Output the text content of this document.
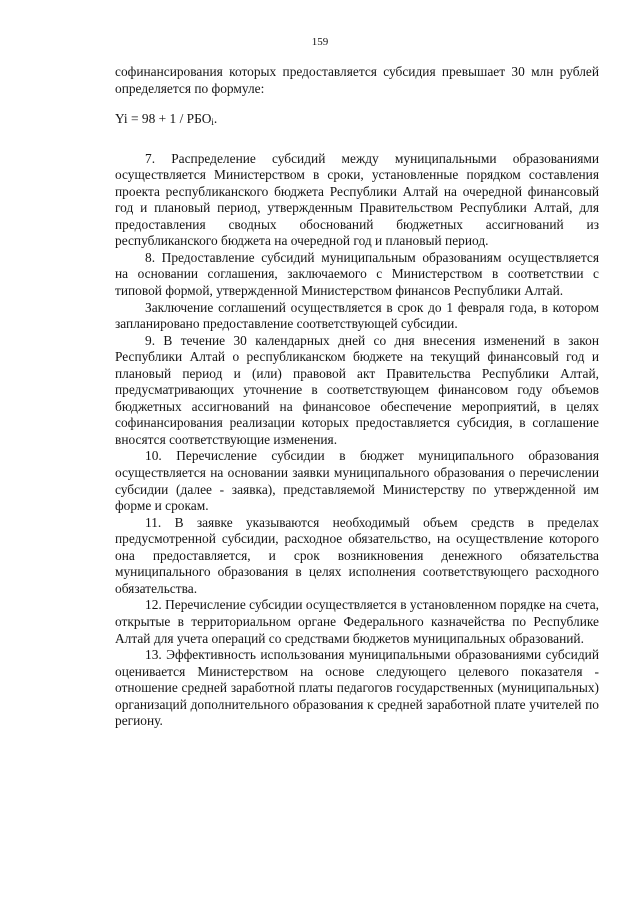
159

софинансирования которых предоставляется субсидия превышает 30 млн рублей определяется по формуле:

$Yi = 98 + 1 / РБО_i$.

7. Распределение субсидий между муниципальными образованиями осуществляется Министерством в сроки, установленные порядком составления проекта республиканского бюджета Республики Алтай на очередной финансовый год и плановый период, утвержденным Правительством Республики Алтай, для предоставления сводных обоснований бюджетных ассигнований из республиканского бюджета на очередной год и плановый период.

8. Предоставление субсидий муниципальным образованиям осуществляется на основании соглашения, заключаемого с Министерством в соответствии с типовой формой, утвержденной Министерством финансов Республики Алтай.

Заключение соглашений осуществляется в срок до 1 февраля года, в котором запланировано предоставление соответствующей субсидии.

9. В течение 30 календарных дней со дня внесения изменений в закон Республики Алтай о республиканском бюджете на текущий финансовый год и плановый период и (или) правовой акт Правительства Республики Алтай, предусматривающих уточнение в соответствующем финансовом году объемов бюджетных ассигнований на финансовое обеспечение мероприятий, в целях софинансирования реализации которых предоставляется субсидия, в соглашение вносятся соответствующие изменения.

10. Перечисление субсидии в бюджет муниципального образования осуществляется на основании заявки муниципального образования о перечислении субсидии (далее - заявка), представляемой Министерству по утвержденной им форме и срокам.

11. В заявке указываются необходимый объем средств в пределах предусмотренной субсидии, расходное обязательство, на осуществление которого она предоставляется, и срок возникновения денежного обязательства муниципального образования в целях исполнения соответствующего расходного обязательства.

12. Перечисление субсидии осуществляется в установленном порядке на счета, открытые в территориальном органе Федерального казначейства по Республике Алтай для учета операций со средствами бюджетов муниципальных образований.

13. Эффективность использования муниципальными образованиями субсидий оценивается Министерством на основе следующего целевого показателя - отношение средней заработной платы педагогов государственных (муниципальных) организаций дополнительного образования к средней заработной плате учителей по региону.
